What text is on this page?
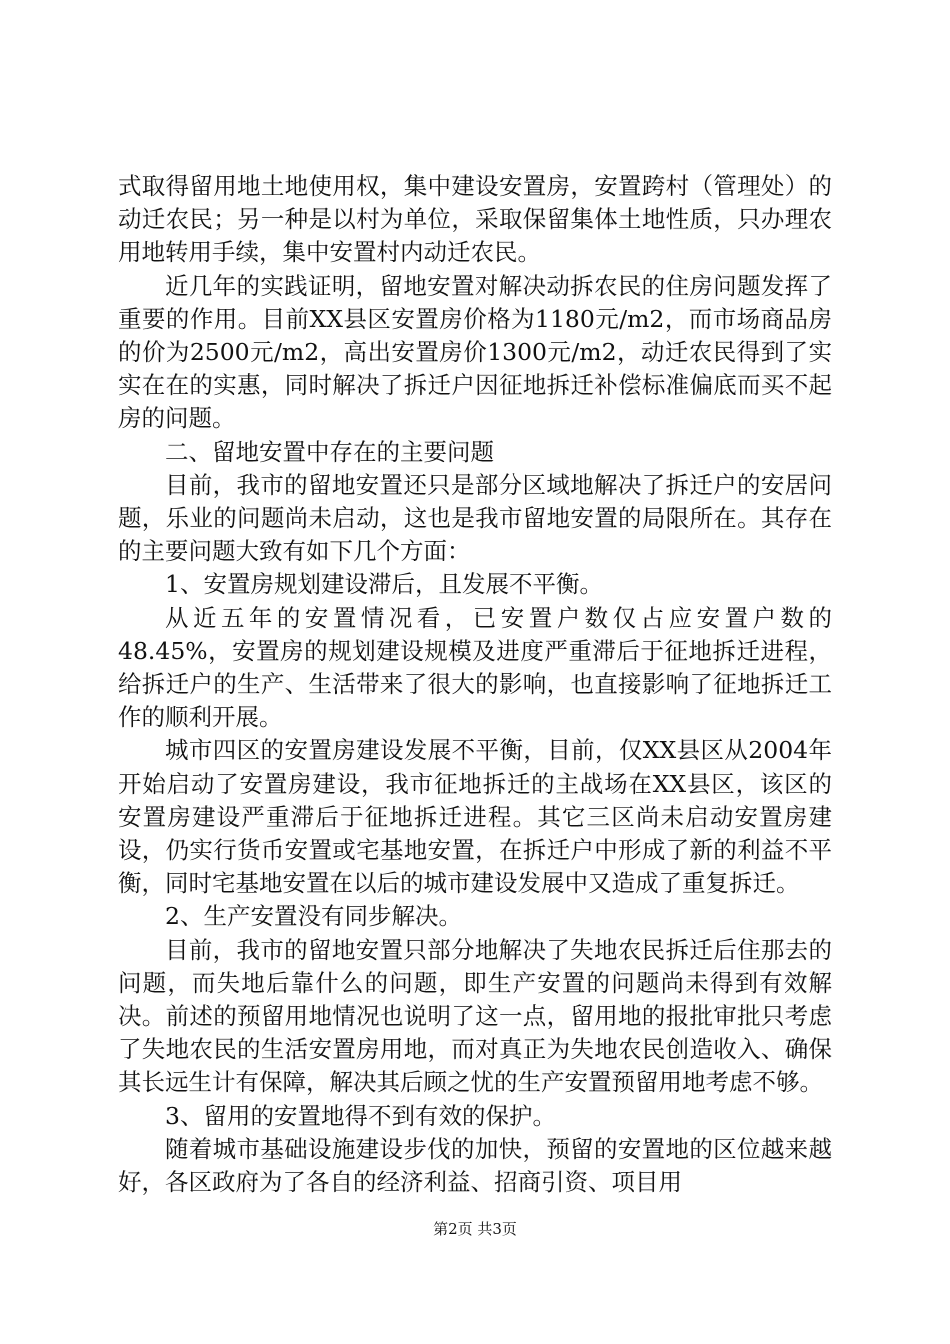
式取得留用地土地使用权，集中建设安置房，安置跨村（管理处）的动迁农民；另一种是以村为单位，采取保留集体土地性质，只办理农用地转用手续，集中安置村内动迁农民。

近几年的实践证明，留地安置对解决动拆农民的住房问题发挥了重要的作用。目前XX县区安置房价格为1180元/m2，而市场商品房的价为2500元/m2，高出安置房价1300元/m2，动迁农民得到了实实在在的实惠，同时解决了拆迁户因征地拆迁补偿标准偏底而买不起房的问题。

二、留地安置中存在的主要问题

目前，我市的留地安置还只是部分区域地解决了拆迁户的安居问题，乐业的问题尚未启动，这也是我市留地安置的局限所在。其存在的主要问题大致有如下几个方面：

1、安置房规划建设滞后，且发展不平衡。

从近五年的安置情况看，已安置户数仅占应安置户数的48.45%，安置房的规划建设规模及进度严重滞后于征地拆迁进程，给拆迁户的生产、生活带来了很大的影响，也直接影响了征地拆迁工作的顺利开展。

城市四区的安置房建设发展不平衡，目前，仅XX县区从2004年开始启动了安置房建设，我市征地拆迁的主战场在XX县区，该区的安置房建设严重滞后于征地拆迁进程。其它三区尚未启动安置房建设，仍实行货币安置或宅基地安置，在拆迁户中形成了新的利益不平衡，同时宅基地安置在以后的城市建设发展中又造成了重复拆迁。

2、生产安置没有同步解决。

目前，我市的留地安置只部分地解决了失地农民拆迁后住那去的问题，而失地后靠什么的问题，即生产安置的问题尚未得到有效解决。前述的预留用地情况也说明了这一点，留用地的报批审批只考虑了失地农民的生活安置房用地，而对真正为失地农民创造收入、确保其长远生计有保障，解决其后顾之忧的生产安置预留用地考虑不够。

3、留用的安置地得不到有效的保护。

随着城市基础设施建设步伐的加快，预留的安置地的区位越来越好，各区政府为了各自的经济利益、招商引资、项目用

第2页 共3页
